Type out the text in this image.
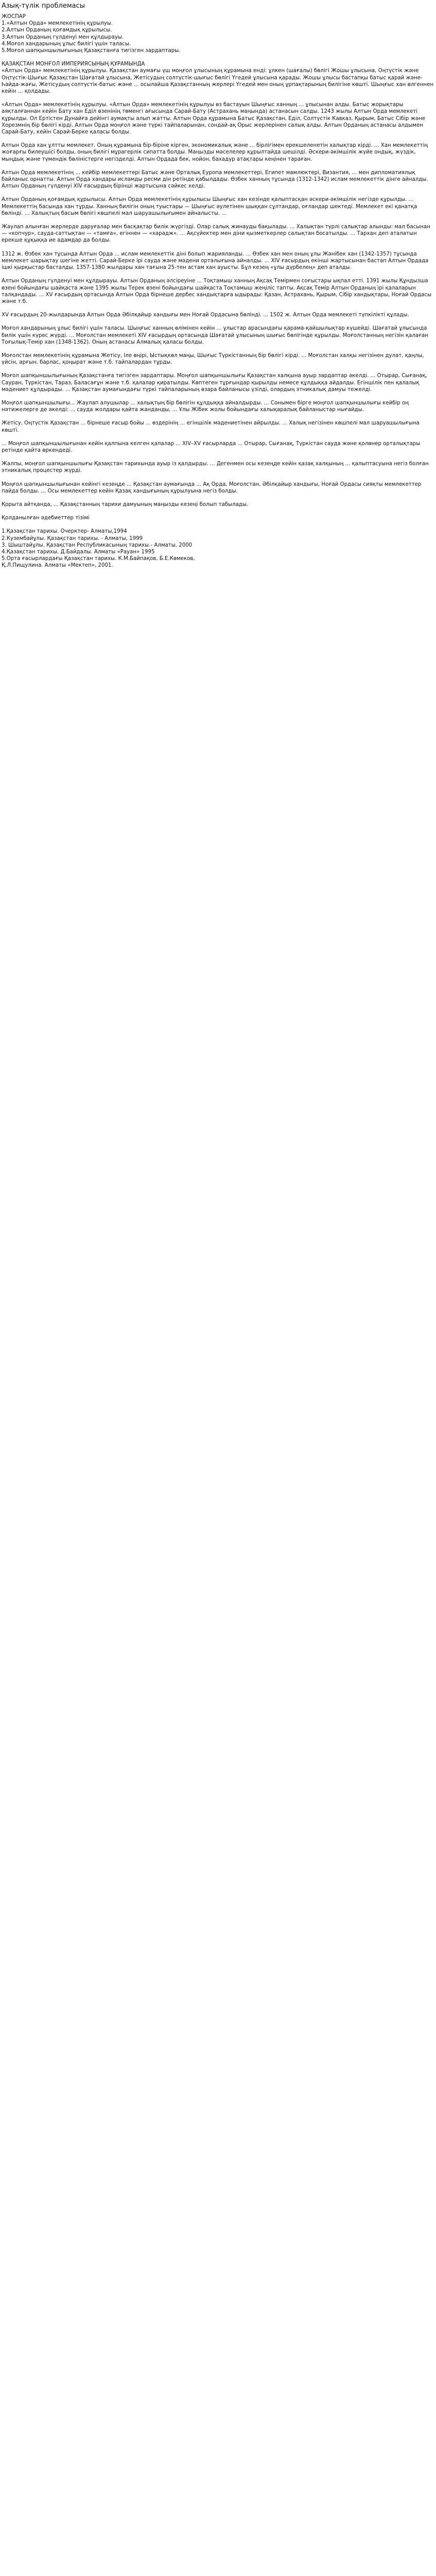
Азық-түлік проблемасы
ЖОСПАР
1.«Алтын Орда» мемлекетінің құрылуы.
2.Алтын Орданың қоғамдық құрылысы.
3.Алтын Орданың гүлденуі мен құлдырауы.
4.Моғол хандарының ұлыс билігі үшін таласы.
5.Моғол шапқыншылығының Қазақстанға тигізген зардаптары.
ҚАЗАҚСТАН МОНҒОЛ ИМПЕРИЯСЫНЫҢ ҚҰРАМЫНДА

«Алтын Орда» мемлекетінің құрылуы. Қазақстан аумағы үш моңғол ұлысының құрамына енді: ұлкен (шағалы) бөлігі Жошы ұлысына, Оңтүстік және Оңтүстік-Шығыс Қазақстан Шағатай ұлысына, Жетісудың солтүстік-шығыс бөлігі Үгедей ұлысына қарады. Жошы ұлысы бастапқы батыс қарай және-Һайда-жағы, Жетісудың солтүстік-батыс және ... осылайша Қазақстанның жерлері Үгедей мен оның ұрпақтарының билігіне көшті. Шыңғыс хан өлгеннен кейін ... қолдады.

«Алтын Орда» мемлекетінің құрылуы. «Алтын Орда» мемлекетінің құрылуы өз бастауын Шыңғыс ханның ... ұлысынан алды. Батыс жорықтары аяқталғаннан кейін Бату хан Еділ өзенінің төменгі ағысында Сарай-Бату (Астрахань маңында) астанасын салды. 1243 жылы Алтын Орда мемлекеті құрылды. Ол Ертістен Дунайға дейінгі аумақты алып жатты. Алтын Орда құрамына Батыс Қазақстан, Еділ, Солтүстік Кавказ, Қырым, Батыс Сібір және Хорезмнің бір бөлігі кірді. Алтын Орда моңғол және түркі тайпаларынан, сондай-ақ Орыс жерлерінен салық алды. Алтын Орданың астанасы алдымен Сарай-Бату, кейін Сарай-Берке қаласы болды.

Алтын Орда хан ұлтты мемлекет. Оның құрамына бір-біріне кірген, экономикалық және ... бірлігімен ерекшеленетін халықтар кірді. ... Хан мемлекеттің жоғарғы билеушісі болды, оның билігі мұрагерлік сипатта болды. Маңызды мәселелер құрылтайда шешілді. Әскери-әкімшілік жүйе ондық, жүздік, мыңдық және түмендік бөліністерге негізделді. Алтын Ордада бек, нойон, бахадүр атақтары кеңінен тараған.

Алтын Орда мемлекетінің ... кейбір мемлекеттері Батыс және Орталық Еуропа мемлекеттері, Египет мамлюктері, Византия, ... мен дипломатиялық байланыс орнатты. Алтын Орда хандары исламды ресми дін ретінде қабылдады. Өзбек ханның тұсында (1312-1342) ислам мемлекеттік дінге айналды. Алтын Орданың гүлденуі XIV ғасырдың бірінші жартысына сәйкес келді.

Алтын Орданың қоғамдық құрылысы. Алтын Орда мемлекетінің құрылысы Шыңғыс хан кезінде қалыптасқан әскери-әкімшілік негізде құрылды. ... Мемлекеттің басында хан тұрды. Ханның билігін оның туыстары — Шыңғыс әулетінен шыққан сұлтандар, оғландар шектеді. Мемлекет екі қанатқа бөлінді. ... Халықтың басым бөлігі көшпелі мал шаруашылығымен айналысты. ...

Жаулап алынған жерлерде даруғалар мен басқақтар билік жүргізді. Олар салық жинауды бақылады. ... Халықтан түрлі салықтар алынды: мал басынан — «копчур», сауда-саттықтан — «тамға», егіннен — «харадж». ... Ақсүйектер мен діни қызметкерлер салықтан босатылды. ... Тархан деп аталатын ерекше құқыққа ие адамдар да болды.

1312 ж. Өзбек хан тұсында Алтын Орда ... ислам мемлекеттік діні болып жарияланды. ... Өзбек хан мен оның ұлы Жәнібек хан (1342-1357) тұсында мемлекет шарықтау шегіне жетті. Сарай-Берке ірі сауда және мәдени орталығына айналды. ... XIV ғасырдың екінші жартысынан бастап Алтын Ордада ішкі қырқыстар басталды. 1357-1380 жылдары хан тағына 25-тен астам хан ауысты. Бұл кезең «ұлы дүрбелең» деп аталды.

Алтын Орданың гүлденуі мен құлдырауы. Алтын Орданың әлсіреуіне ... Тоқтамыш ханның Ақсақ Темірмен соғыстары ықпал етті. 1391 жылы Құндызша өзені бойындағы шайқаста және 1395 жылы Терек өзені бойындағы шайқаста Тоқтамыш жеңіліс тапты. Ақсақ Темір Алтын Орданың ірі қалаларын талқандады. ... XV ғасырдың ортасында Алтын Орда бірнеше дербес хандықтарға ыдырады: Қазан, Астрахань, Қырым, Сібір хандықтары, Ноғай Ордасы және т.б.

XV ғасырдың 20-жылдарында Алтын Орда Әбілқайыр хандығы мен Ноғай Ордасына бөлінді. ... 1502 ж. Алтын Орда мемлекеті түпкілікті құлады.

Моғол хандарының ұлыс билігі үшін таласы. Шыңғыс ханның өлімінен кейін ... ұлыстар арасындағы қарама-қайшылықтар күшейді. Шағатай ұлысында билік үшін күрес жүрді. ... Моғолстан мемлекеті XIV ғасырдың ортасында Шағатай ұлысының шығыс бөлігінде құрылды. Моғолстанның негізін қалаған Тоғылық-Темір хан (1348-1362). Оның астанасы Алмалық қаласы болды.

Моғолстан мемлекетінің құрамына Жетісу, Іле өңірі, Ыстықкөл маңы, Шығыс Түркістанның бір бөлігі кірді. ... Моғолстан халқы негізінен дулат, қаңлы, үйсін, арғын, барлас, қоңырат және т.б. тайпалардан тұрды.

Моғол шапқыншылығының Қазақстанға тигізген зардаптары. Моңғол шапқыншылығы Қазақстан халқына ауыр зардаптар әкелді. ... Отырар, Сығанақ, Сауран, Түркістан, Тараз, Баласағұн және т.б. қалалар қиратылды. Көптеген тұрғындар қырылды немесе құлдыққа айдалды. Егіншілік пен қалалық мәдениет құлдырады. ... Қазақстан аумағындағы түркі тайпаларының өзара байланысы үзілді, олардың этникалық дамуы тежелді.

Моңғол шапқыншылығы... Жаулап алушылар ... халықтың бір бөлігін құлдыққа айналдырды. ... Сонымен бірге моңғол шапқыншылығы кейбір оң нәтижелерге де әкелді: ... сауда жолдары қайта жанданды, ... Ұлы Жібек жолы бойындағы халықаралық байланыстар нығайды.

Жетісу, Оңтүстік Қазақстан ... бірнеше ғасыр бойы ... өздерінің ... егіншілік мәдениетінен айрылды. ... Халық негізінен көшпелі мал шаруашылығына көшті.

... Моңғол шапқыншылығынан кейін қалпына келген қалалар ... XIV–XV ғасырларда ... Отырар, Сығанақ, Түркістан сауда және қолөнер орталықтары ретінде қайта өркендеді.

Жалпы, моңғол шапқыншылығы Қазақстан тарихында ауыр із қалдырды. ... Дегенмен осы кезеңде кейін қазақ халқының ... қалыптасуына негіз болған этникалық процестер жүрді.

Моңғол шапқыншылығынан кейінгі кезеңде ... Қазақстан аумағында ... Ақ Орда, Моғолстан, Әбілқайыр хандығы, Ноғай Ордасы сияқты мемлекеттер пайда болды. ... Осы мемлекеттер кейін Қазақ хандығының құрылуына негіз болды.

Қорыта айтқанда, ... Қазақстанның тарихи дамуының маңызды кезеңі болып табылады.

Қолданылған әдебиеттер тізімі
1.Қазақстан тарихы. Очерктер- Алматы,1994
2.Кузембайұлы. Қазақстан тарихы. - Алматы, 1999
3. Шыштайұлы. Қазақстан Республикасының тарихы.- Алматы, 2000
4.Қазақстан тарихы. Д.Байдалы. Алматы «Рауан» 1995
5.Орта ғасырлардағы Қазақстан тарихы. К.М.Байпақов, Б.Е.Көмеков,
Қ.Л.Пищулина. Алматы «Мектеп», 2001.
